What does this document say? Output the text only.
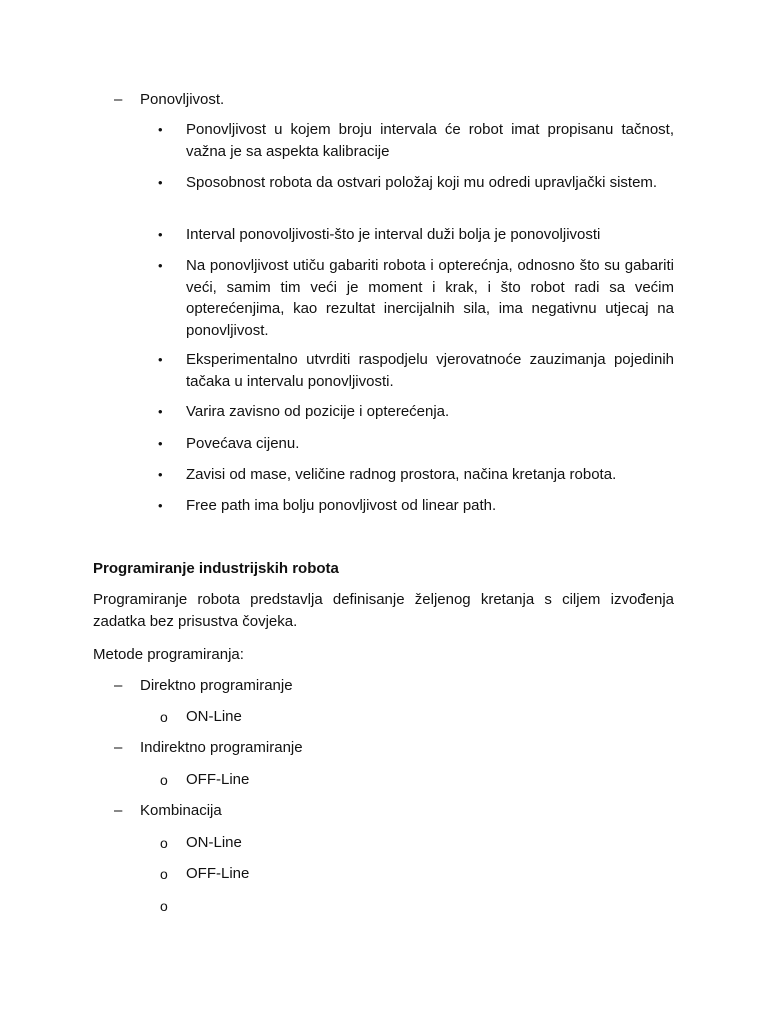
–	Ponovljivost.
•	Ponovljivost u kojem broju intervala će robot imat propisanu tačnost, važna je sa aspekta kalibracije
•	Sposobnost robota da ostvari položaj koji mu odredi upravljački sistem.
•	Interval ponovoljivosti-što je interval duži bolja je ponovoljivosti
•	Na ponovljivost utiču gabariti robota i opterećnja, odnosno što su gabariti veći, samim tim veći je moment i krak, i što robot radi sa većim opterećenjima, kao rezultat inercijalnih sila, ima negativnu utjecaj na ponovljivost.
•	Eksperimentalno utvrditi raspodjelu vjerovatnoće zauzimanja pojedinih tačaka u intervalu ponovljivosti.
•	Varira zavisno od pozicije i opterećenja.
•	Povećava cijenu.
•	Zavisi od mase, veličine radnog prostora, načina kretanja robota.
•	Free path ima bolju ponovljivost od linear path.
Programiranje industrijskih robota
Programiranje robota predstavlja definisanje željenog kretanja s ciljem izvođenja zadatka bez prisustva čovjeka.
Metode programiranja:
–	Direktno programiranje
o ON-Line
–	Indirektno programiranje
o OFF-Line
–	Kombinacija
o ON-Line
o OFF-Line
o
